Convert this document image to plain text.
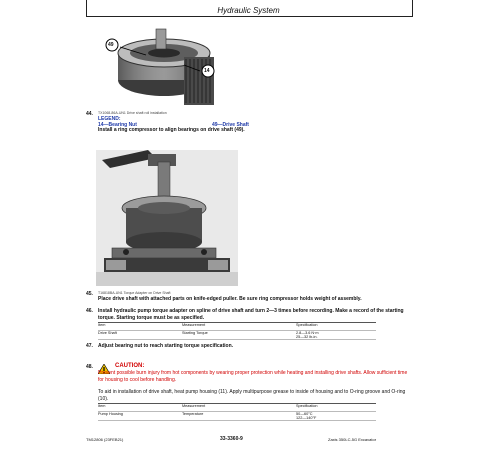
Hydraulic System
49
14
44. TX1068-86A-UN1 Drive shaft roll installation
LEGEND:
14—Bearing Nut	49—Drive Shaft
Install a ring compressor to align bearings on drive shaft (49).
45. T16818BA-UN1 Torque Adapter on Drive Shaft
Place drive shaft with attached parts on knife-edged puller. Be sure ring compressor holds weight of assembly.
46. Install hydraulic pump torque adapter on spline of drive shaft and turn 2—3 times before recording. Make a record of the starting torque. Starting torque must be as specified.
Item	Measurement	Specification
Drive Shaft	Starting Torque	2.8—3.6 N·m
25—32 lb-in.
47. Adjust bearing nut to reach starting torque specification.
48.	CAUTION:
Prevent possible burn injury from hot components by wearing proper protection while heating and installing drive shafts. Allow sufficient time for housing to cool before handling.
To aid in installation of drive shaft, heat pump housing (11). Apply multipurpose grease to inside of housing and to O-ring groove and O-ring (10).
Item	Measurement	Specification
Pump Housing	Temperature	50—60°C
122—140°F
TM12806 (23FEB21)	33-3360-9	Zaxis 350LC-5G Excavator
